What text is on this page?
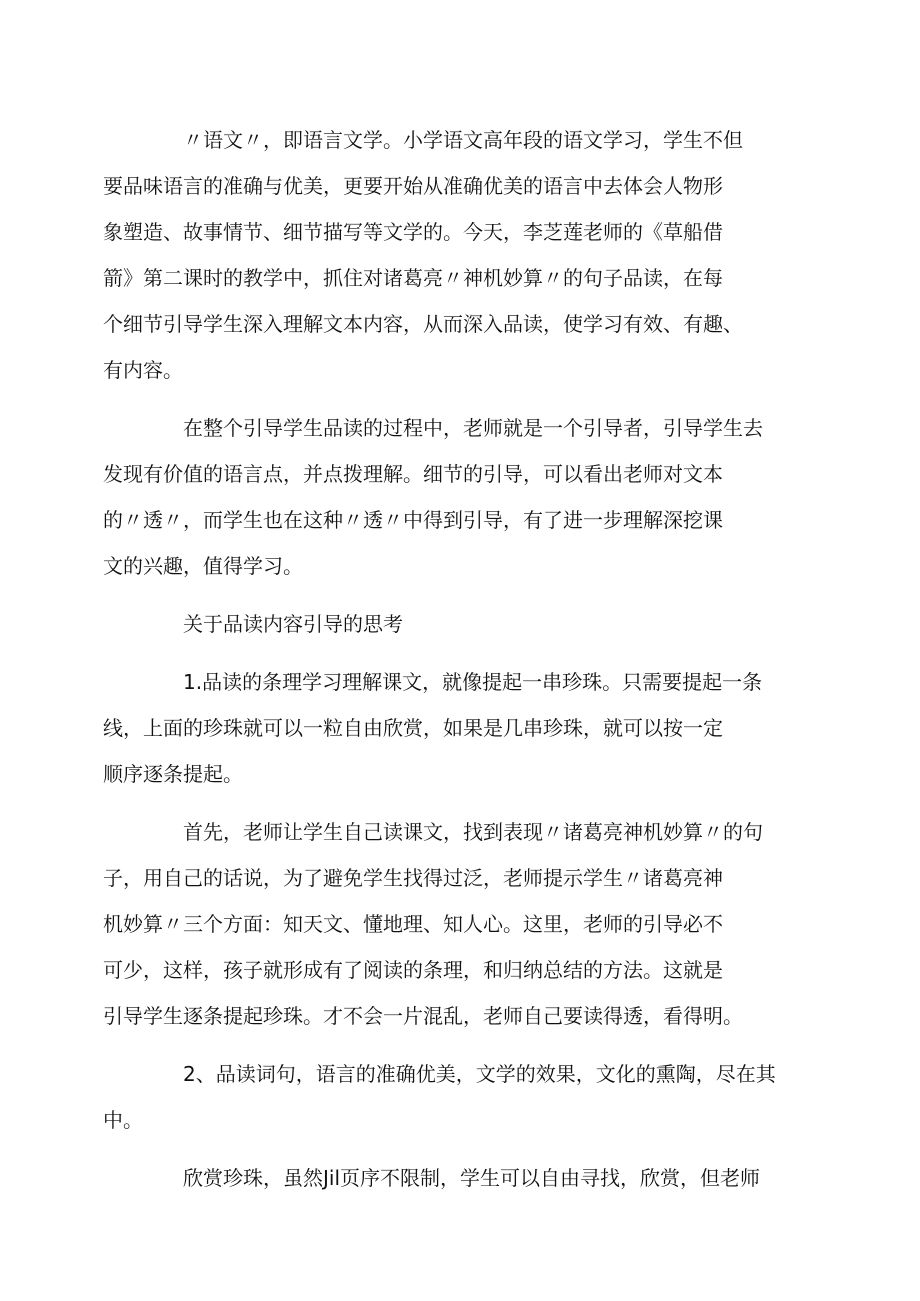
〃语文〃，即语言文学。小学语文高年段的语文学习，学生不但
要品味语言的准确与优美，更要开始从准确优美的语言中去体会人物形
象塑造、故事情节、细节描写等文学的。今天，李芝莲老师的《草船借
箭》第二课时的教学中，抓住对诸葛亮〃神机妙算〃的句子品读，在每
个细节引导学生深入理解文本内容，从而深入品读，使学习有效、有趣、
有内容。

在整个引导学生品读的过程中，老师就是一个引导者，引导学生去
发现有价值的语言点，并点拨理解。细节的引导，可以看出老师对文本
的〃透〃，而学生也在这种〃透〃中得到引导，有了进一步理解深挖课
文的兴趣，值得学习。

关于品读内容引导的思考

1.品读的条理学习理解课文，就像提起一串珍珠。只需要提起一条
线，上面的珍珠就可以一粒自由欣赏，如果是几串珍珠，就可以按一定
顺序逐条提起。

首先，老师让学生自己读课文，找到表现〃诸葛亮神机妙算〃的句
子，用自己的话说，为了避免学生找得过泛，老师提示学生〃诸葛亮神
机妙算〃三个方面：知天文、懂地理、知人心。这里，老师的引导必不
可少，这样，孩子就形成有了阅读的条理，和归纳总结的方法。这就是
引导学生逐条提起珍珠。才不会一片混乱，老师自己要读得透，看得明。

2、品读词句，语言的准确优美，文学的效果，文化的熏陶，尽在其
中。

欣赏珍珠，虽然Jil页序不限制，学生可以自由寻找，欣赏，但老师
